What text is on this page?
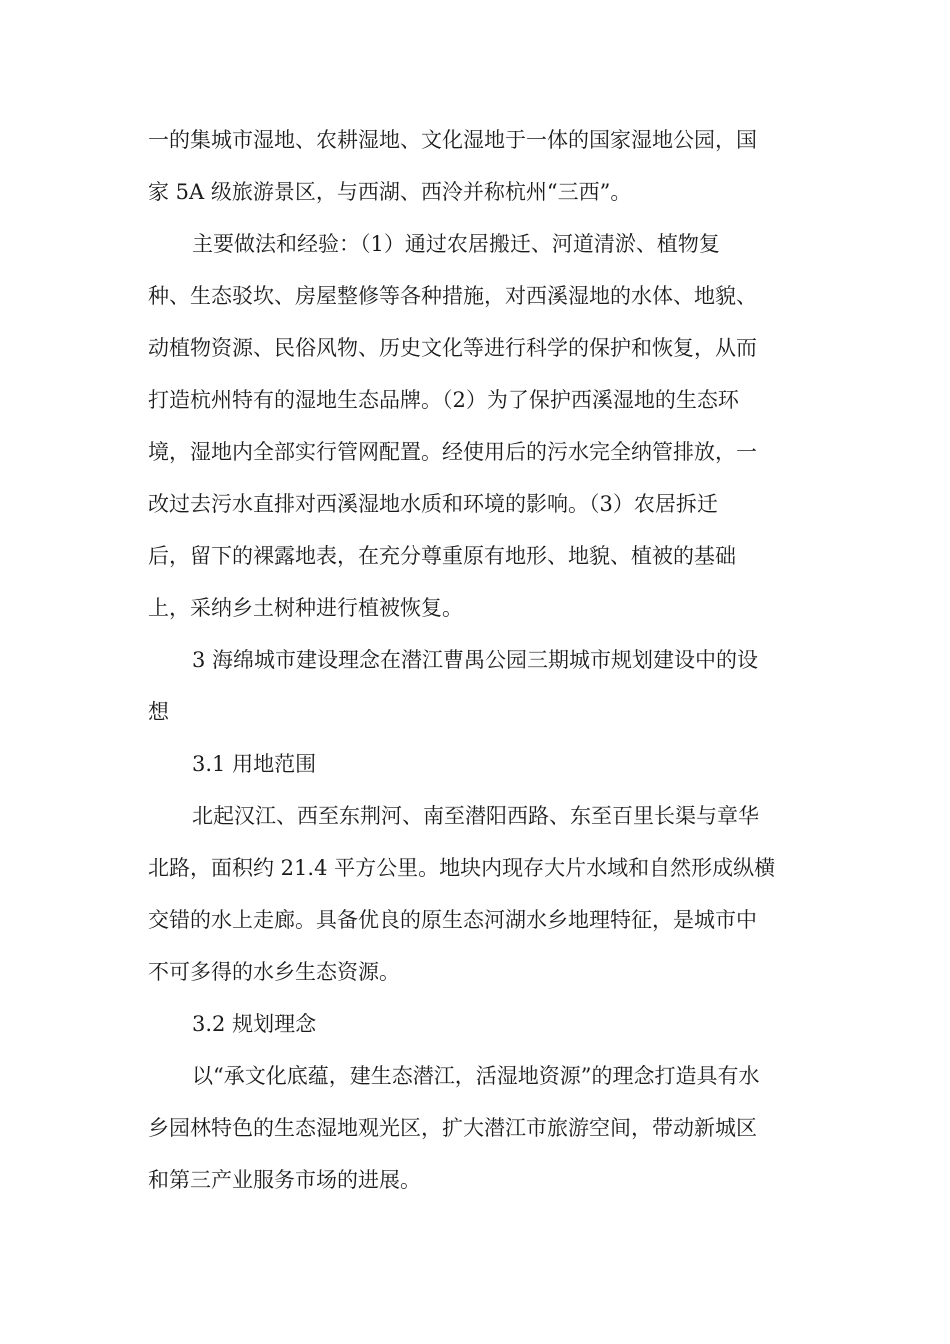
一的集城市湿地、农耕湿地、文化湿地于一体的国家湿地公园，国
家 5A 级旅游景区，与西湖、西泠并称杭州“三西”。
主要做法和经验：（1）通过农居搬迁、河道清淤、植物复
种、生态驳坎、房屋整修等各种措施，对西溪湿地的水体、地貌、
动植物资源、民俗风物、历史文化等进行科学的保护和恢复，从而
打造杭州特有的湿地生态品牌。（2）为了保护西溪湿地的生态环
境，湿地内全部实行管网配置。经使用后的污水完全纳管排放，一
改过去污水直排对西溪湿地水质和环境的影响。（3）农居拆迁
后，留下的裸露地表，在充分尊重原有地形、地貌、植被的基础
上，采纳乡土树种进行植被恢复。
3 海绵城市建设理念在潜江曹禺公园三期城市规划建设中的设
想
3.1 用地范围
北起汉江、西至东荆河、南至潜阳西路、东至百里长渠与章华
北路，面积约 21.4 平方公里。地块内现存大片水域和自然形成纵横
交错的水上走廊。具备优良的原生态河湖水乡地理特征，是城市中
不可多得的水乡生态资源。
3.2 规划理念
以“承文化底蕴，建生态潜江，活湿地资源”的理念打造具有水
乡园林特色的生态湿地观光区，扩大潜江市旅游空间，带动新城区
和第三产业服务市场的进展。
